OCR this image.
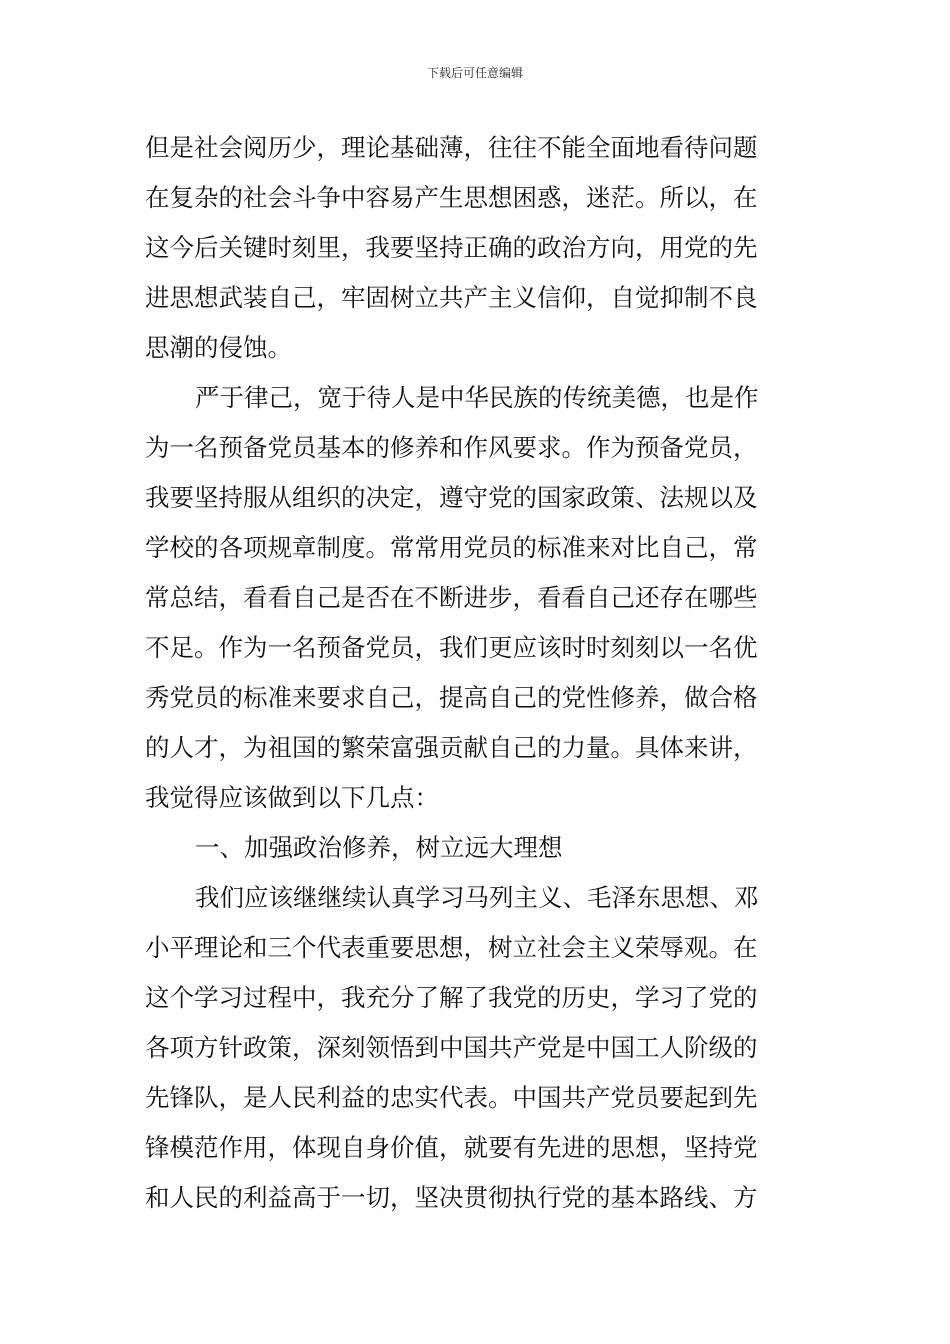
下载后可任意编辑
但是社会阅历少，理论基础薄，往往不能全面地看待问题
在复杂的社会斗争中容易产生思想困惑，迷茫。所以，在
这今后关键时刻里，我要坚持正确的政治方向，用党的先
进思想武装自己，牢固树立共产主义信仰，自觉抑制不良
思潮的侵蚀。
严于律己，宽于待人是中华民族的传统美德，也是作
为一名预备党员基本的修养和作风要求。作为预备党员，
我要坚持服从组织的决定，遵守党的国家政策、法规以及
学校的各项规章制度。常常用党员的标准来对比自己，常
常总结，看看自己是否在不断进步，看看自己还存在哪些
不足。作为一名预备党员，我们更应该时时刻刻以一名优
秀党员的标准来要求自己，提高自己的党性修养，做合格
的人才，为祖国的繁荣富强贡献自己的力量。具体来讲，
我觉得应该做到以下几点：
一、加强政治修养，树立远大理想
我们应该继继续认真学习马列主义、毛泽东思想、邓
小平理论和三个代表重要思想，树立社会主义荣辱观。在
这个学习过程中，我充分了解了我党的历史，学习了党的
各项方针政策，深刻领悟到中国共产党是中国工人阶级的
先锋队，是人民利益的忠实代表。中国共产党员要起到先
锋模范作用，体现自身价值，就要有先进的思想，坚持党
和人民的利益高于一切，坚决贯彻执行党的基本路线、方
